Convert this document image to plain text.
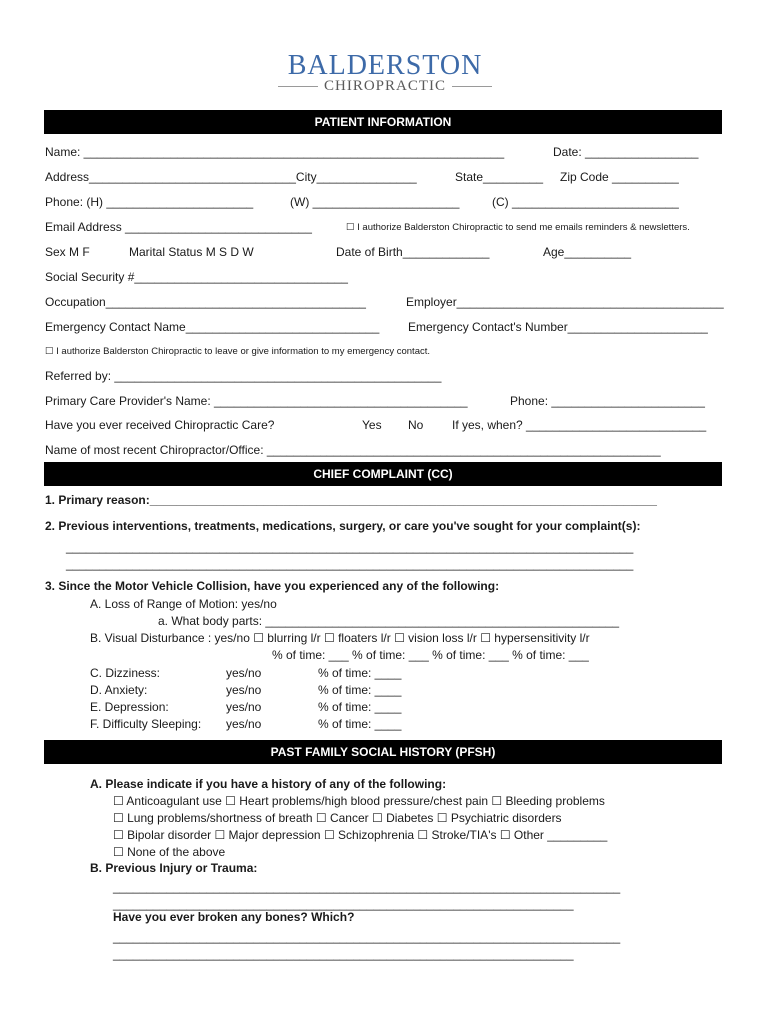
BALDERSTON
CHIROPRACTIC
PATIENT INFORMATION
Name: _______________________________________________________________	Date: _________________
Address_______________________________City_______________	State_________ Zip Code __________
Phone: (H) ______________________	(W) ______________________	(C) _________________________
Email Address ____________________________	☐ I authorize Balderston Chiropractic to send me emails reminders & newsletters.
Sex M F	Marital Status M S D W	Date of Birth_____________	Age__________
Social Security #________________________________
Occupation_______________________________________	Employer________________________________________
Emergency Contact Name_____________________________ Emergency Contact's Number_____________________
☐ I authorize Balderston Chiropractic to leave or give information to my emergency contact.
Referred by: _________________________________________________
Primary Care Provider's Name: ______________________________________	Phone: _______________________
Have you ever received Chiropractic Care?	Yes No If yes, when? ___________________________
Name of most recent Chiropractor/Office: ___________________________________________________________
CHIEF COMPLAINT (CC)
1. Primary reason:____________________________________________________________________________
2. Previous interventions, treatments, medications, surgery, or care you've sought for your complaint(s):
_____________________________________________________________________________________
_____________________________________________________________________________________
3. Since the Motor Vehicle Collision, have you experienced any of the following:
A. Loss of Range of Motion: yes/no
a. What body parts: _____________________________________________________
B. Visual Disturbance : yes/no ☐ blurring l/r ☐ floaters l/r ☐ vision loss l/r ☐ hypersensitivity l/r
% of time: ___ % of time: ___ % of time: ___ % of time: ___
C. Dizziness:	yes/no	% of time: ____
D. Anxiety:	yes/no	% of time: ____
E. Depression:	yes/no	% of time: ____
F. Difficulty Sleeping: yes/no	% of time: ____
PAST FAMILY SOCIAL HISTORY (PFSH)
A. Please indicate if you have a history of any of the following:
☐ Anticoagulant use ☐ Heart problems/high blood pressure/chest pain ☐ Bleeding problems
☐ Lung problems/shortness of breath ☐ Cancer ☐ Diabetes ☐ Psychiatric disorders
☐ Bipolar disorder ☐ Major depression ☐ Schizophrenia ☐ Stroke/TIA's ☐ Other _________
☐ None of the above
B. Previous Injury or Trauma:
____________________________________________________________________________
_____________________________________________________________________
Have you ever broken any bones? Which?
____________________________________________________________________________
_____________________________________________________________________
